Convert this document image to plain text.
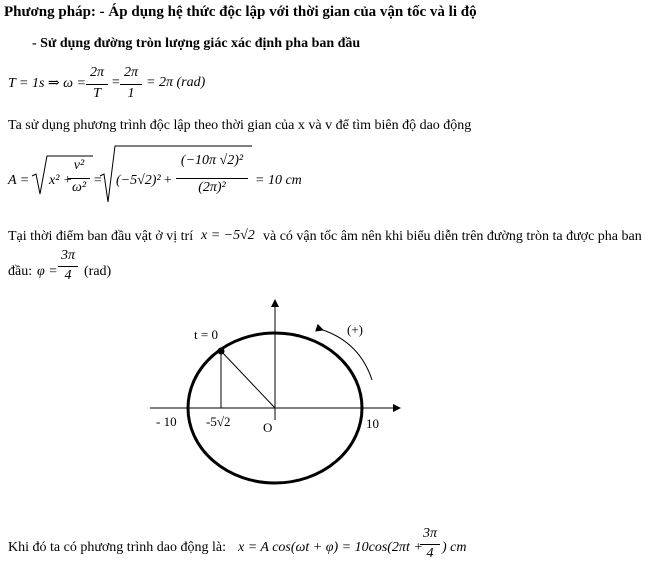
Phương pháp: - Áp dụng hệ thức độc lập với thời gian của vận tốc và li độ
- Sử dụng đường tròn lượng giác xác định pha ban đầu
T = 1s ⇒ ω =
2π
T
=
2π
1
= 2π (rad)
Ta sử dụng phương trình độc lập theo thời gian của x và v để tìm biên độ dao động
A = x² +
v²
ω² = (−5√2)² +
(−10π √2)²
(2π)²	= 10 cm
Tại thời điểm ban đầu vật ở vị trí x = −5√2 và có vận tốc âm nên khi biểu diễn trên đường tròn ta được pha ban
đầu: φ =
3π
4 (rad)
t = 0	(+)
- 10 -5√2	O	10
Khi đó ta có phương trình dao động là: x = A cos(ωt + φ) = 10cos(2πt +
3π
4 ) cm
